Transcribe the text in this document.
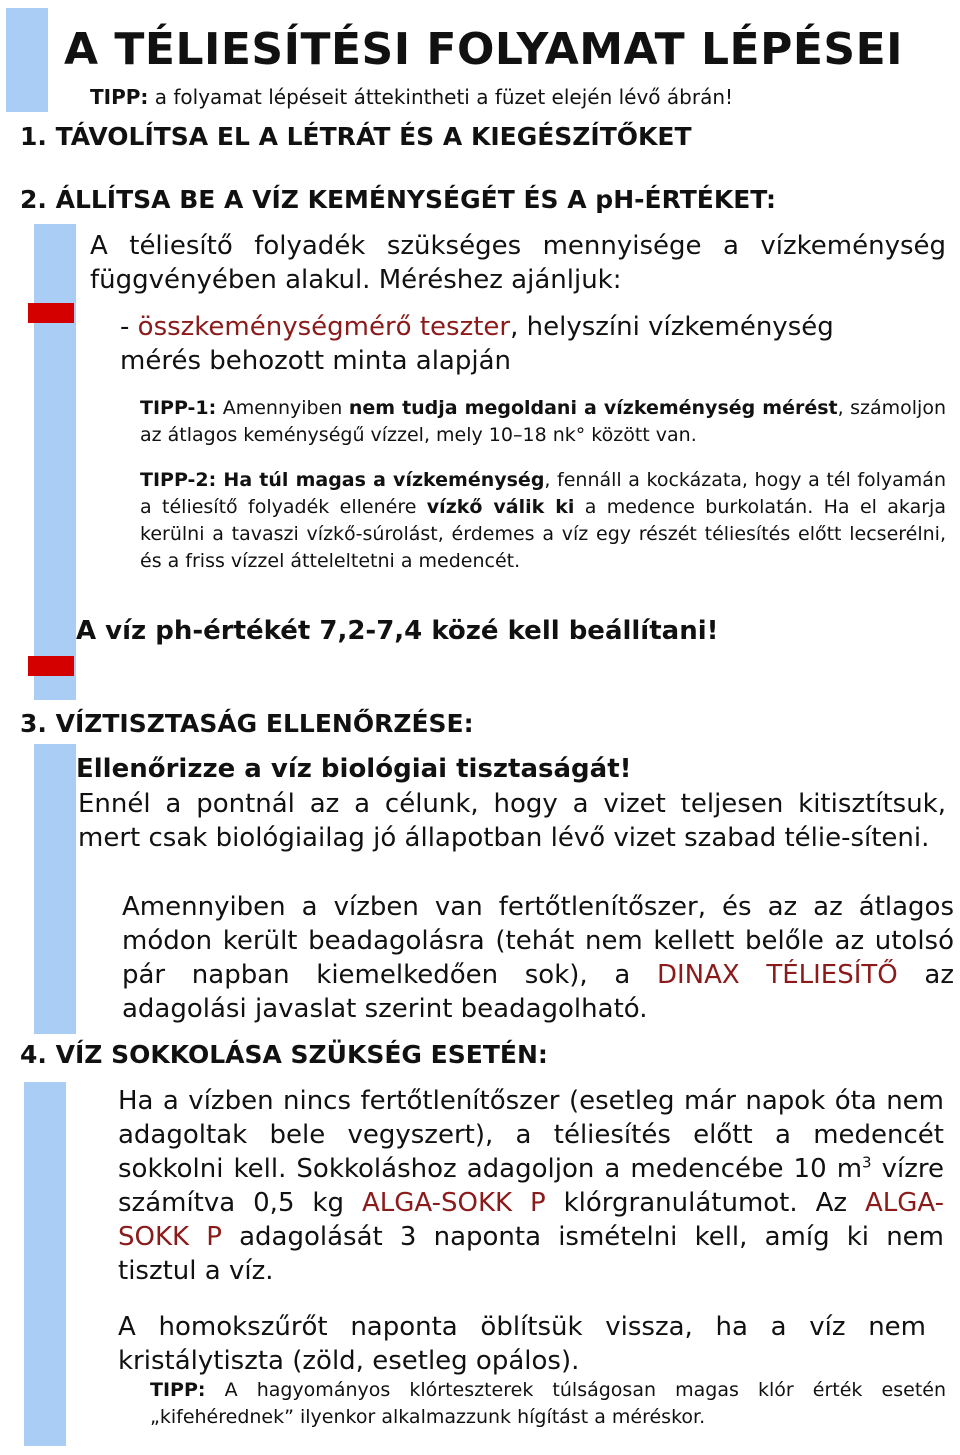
A TÉLIESÍTÉSI FOLYAMAT LÉPÉSEI
TIPP: a folyamat lépéseit áttekintheti a füzet elején lévő ábrán!
1. TÁVOLÍTSA EL A LÉTRÁT ÉS A KIEGÉSZÍTŐKET
2. ÁLLÍTSA BE A VÍZ KEMÉNYSÉGÉT ÉS A pH-ÉRTÉKET:
A téliesítő folyadék szükséges mennyisége a vízkeménység függvényében alakul. Méréshez ajánljuk:
- összkeménységmérő teszter, helyszíni vízkeménység mérés behozott minta alapján
TIPP-1: Amennyiben nem tudja megoldani a vízkeménység mérést, számoljon az átlagos keménységű vízzel, mely 10–18 nk° között van.
TIPP-2: Ha túl magas a vízkeménység, fennáll a kockázata, hogy a tél folyamán a téliesítő folyadék ellenére vízkő válik ki a medence burkolatán. Ha el akarja kerülni a tavaszi vízkő-súrolást, érdemes a víz egy részét téliesítés előtt lecserélni, és a friss vízzel átteleltetni a medencét.
A víz ph-értékét 7,2-7,4 közé kell beállítani!
3. VÍZTISZTASÁG ELLENŐRZÉSE:
Ellenőrizze a víz biológiai tisztaságát!
Ennél a pontnál az a célunk, hogy a vizet teljesen kitisztítsuk, mert csak biológiailag jó állapotban lévő vizet szabad télie-síteni.
Amennyiben a vízben van fertőtlenítőszer, és az az átlagos módon került beadagolásra (tehát nem kellett belőle az utolsó pár napban kiemelkedően sok), a DINAX TÉLIESÍTŐ az adagolási javaslat szerint beadagolható.
4. VÍZ SOKKOLÁSA SZÜKSÉG ESETÉN:
Ha a vízben nincs fertőtlenítőszer (esetleg már napok óta nem adagoltak bele vegyszert), a téliesítés előtt a medencét sokkolni kell. Sokkoláshoz adagoljon a medencébe 10 $m^3$ vízre számítva 0,5 kg ALGA-SOKK P klórgranulátumot. Az ALGA-SOKK P adagolását 3 naponta ismételni kell, amíg ki nem tisztul a víz.
A homokszűrőt naponta öblítsük vissza, ha a víz nem kristálytiszta (zöld, esetleg opálos).
TIPP: A hagyományos klórteszterek túlságosan magas klór érték esetén „kifehérednek” ilyenkor alkalmazzunk hígítást a méréskor.
